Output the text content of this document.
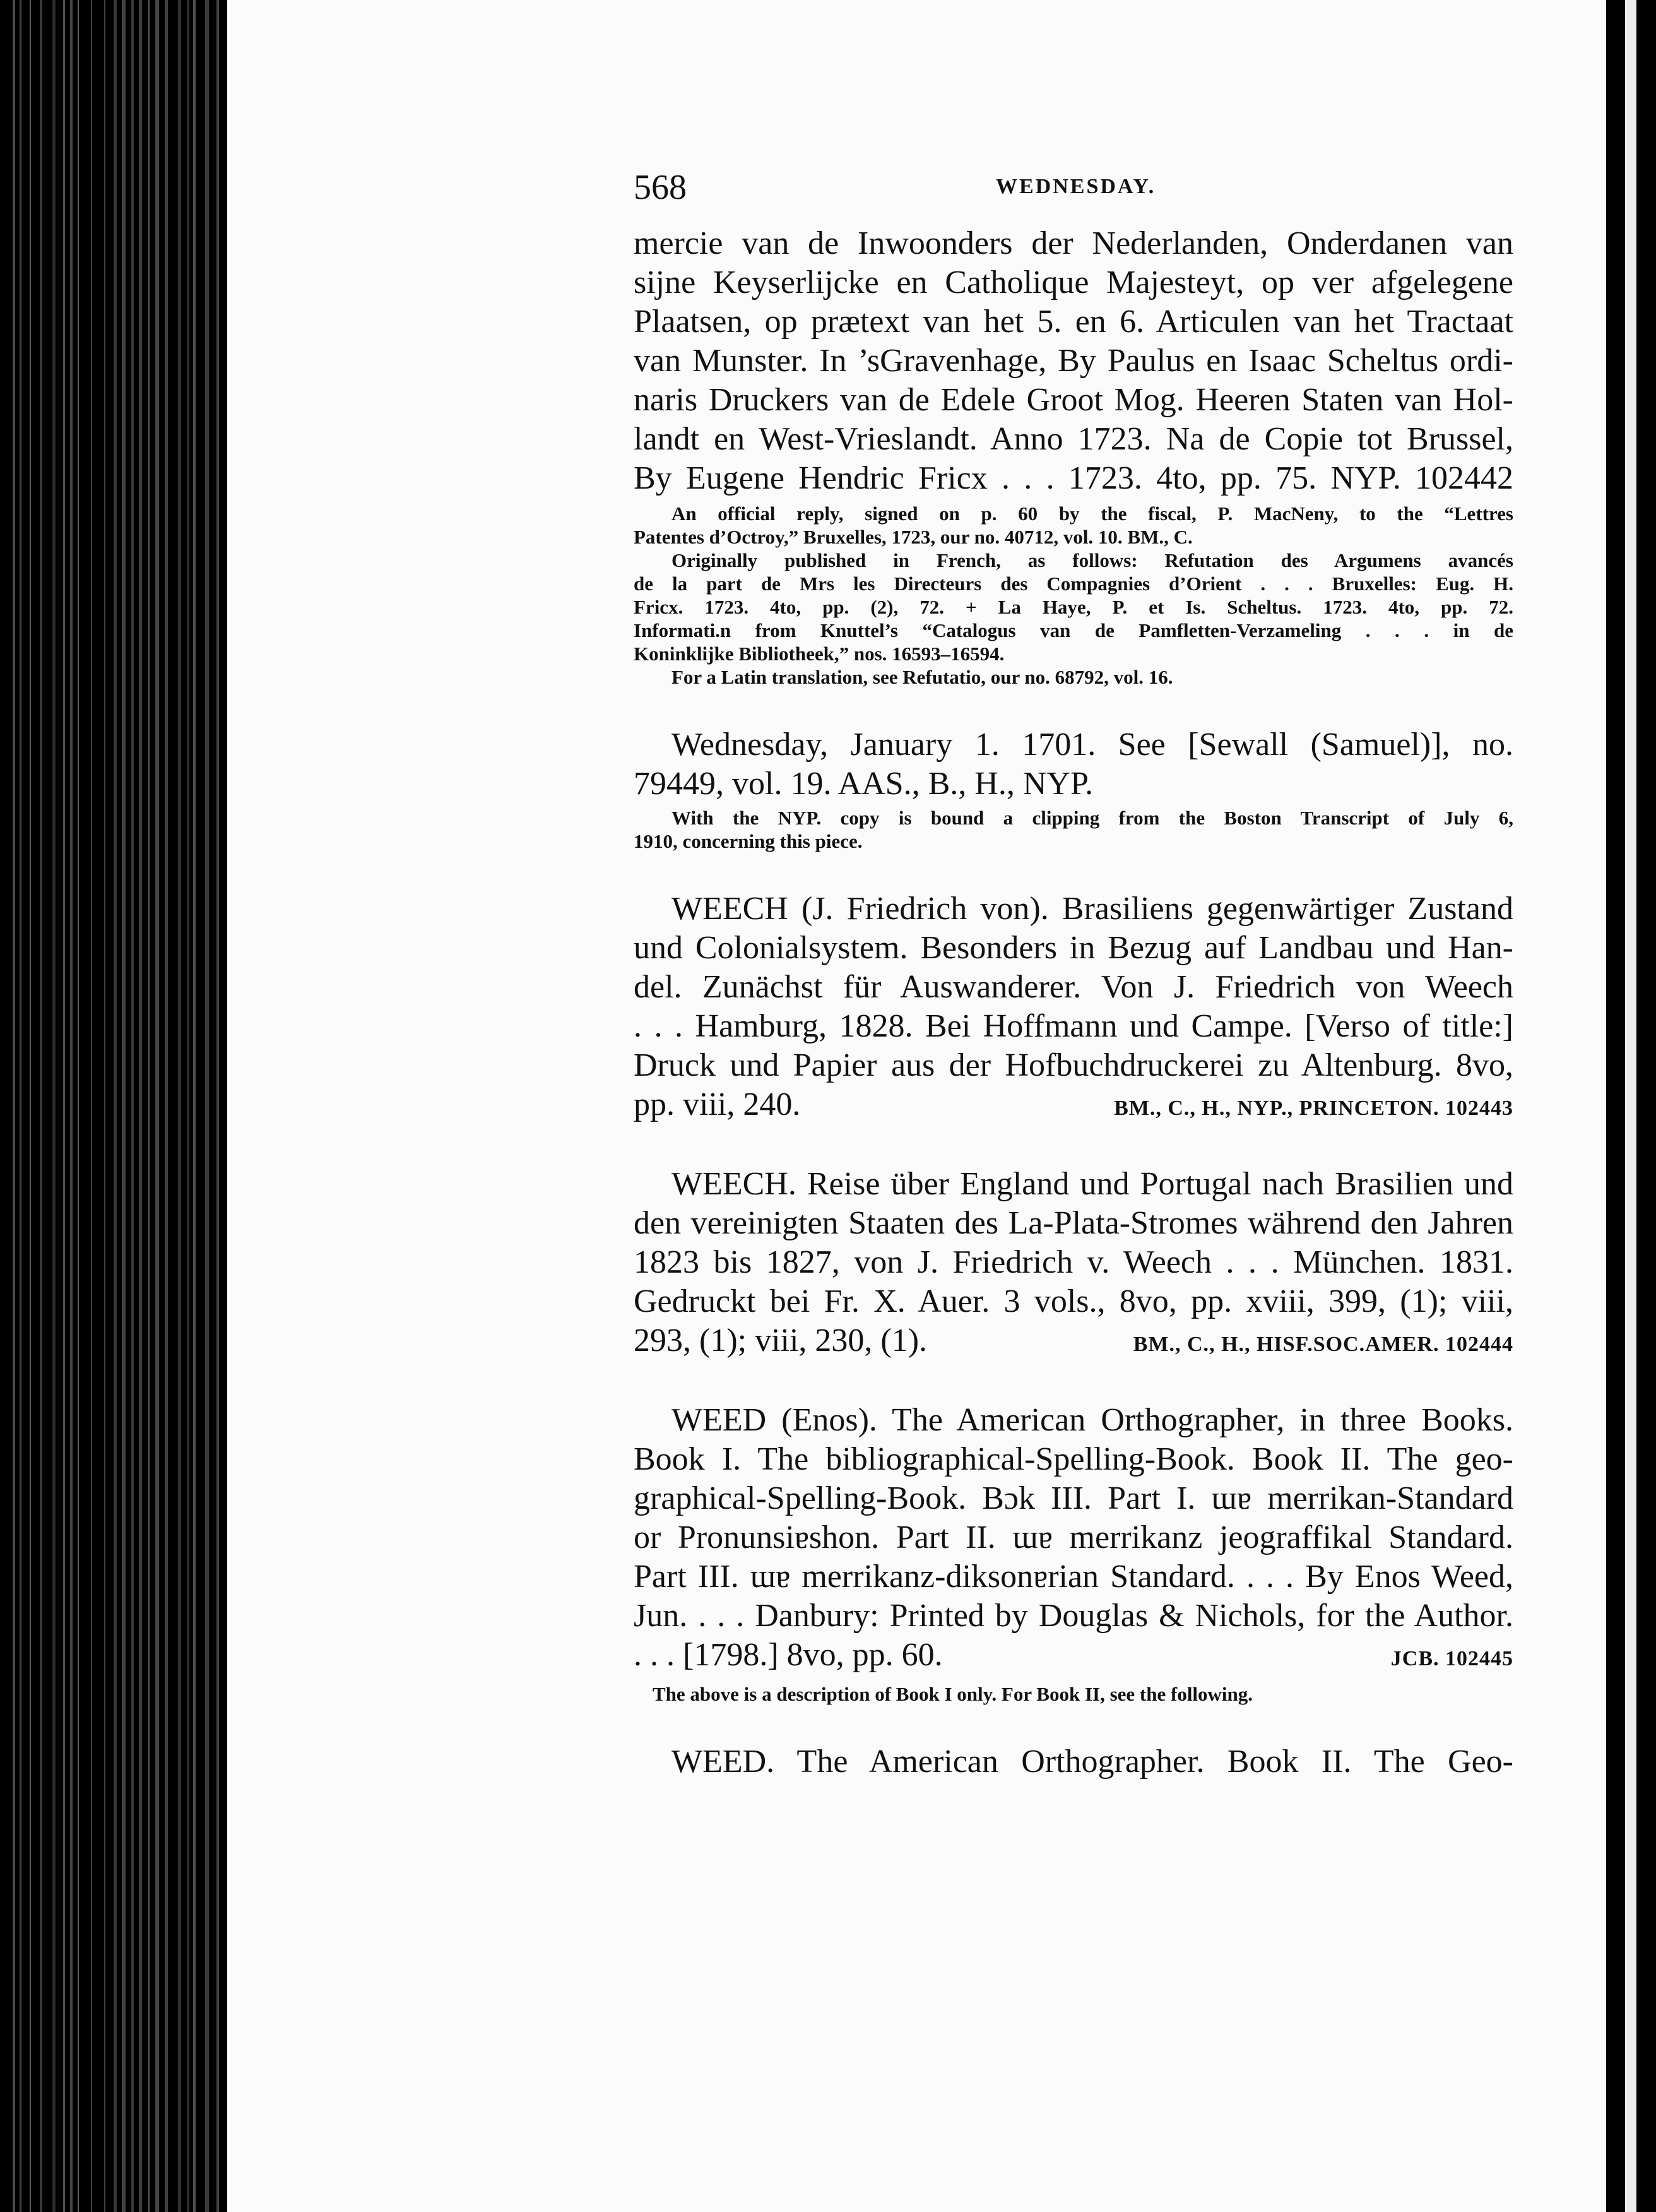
568	WEDNESDAY.
mercie van de Inwoonders der Nederlanden, Onderdanen van
sijne Keyserlijcke en Catholique Majesteyt, op ver afgelegene
Plaatsen, op prætext van het 5. en 6. Articulen van het Tractaat
van Munster. In ’sGravenhage, By Paulus en Isaac Scheltus ordi-
naris Druckers van de Edele Groot Mog. Heeren Staten van Hol-
landt en West-Vrieslandt. Anno 1723. Na de Copie tot Brussel,
By Eugene Hendric Fricx . . . 1723. 4to, pp. 75. NYP. 102442
An official reply, signed on p. 60 by the fiscal, P. MacNeny, to the “Lettres
Patentes d’Octroy,” Bruxelles, 1723, our no. 40712, vol. 10. BM., C.
Originally published in French, as follows: Refutation des Argumens avancés
de la part de Mrs les Directeurs des Compagnies d’Orient . . . Bruxelles: Eug. H.
Fricx. 1723. 4to, pp. (2), 72. + La Haye, P. et Is. Scheltus. 1723. 4to, pp. 72.
Informati.n from Knuttel’s “Catalogus van de Pamfletten-Verzameling . . . in de
Koninklijke Bibliotheek,” nos. 16593–16594.
For a Latin translation, see Refutatio, our no. 68792, vol. 16.
Wednesday, January 1. 1701. See [Sewall (Samuel)], no.
79449, vol. 19. AAS., B., H., NYP.
With the NYP. copy is bound a clipping from the Boston Transcript of July 6,
1910, concerning this piece.
WEECH (J. Friedrich von). Brasiliens gegenwärtiger Zustand
und Colonialsystem. Besonders in Bezug auf Landbau und Han-
del. Zunächst für Auswanderer. Von J. Friedrich von Weech
. . . Hamburg, 1828. Bei Hoffmann und Campe. [Verso of title:]
Druck und Papier aus der Hofbuchdruckerei zu Altenburg. 8vo,
pp. viii, 240.	BM., C., H., NYP., PRINCETON. 102443
WEECH. Reise über England und Portugal nach Brasilien und
den vereinigten Staaten des La-Plata-Stromes während den Jahren
1823 bis 1827, von J. Friedrich v. Weech . . . München. 1831.
Gedruckt bei Fr. X. Auer. 3 vols., 8vo, pp. xviii, 399, (1); viii,
293, (1); viii, 230, (1).	BM., C., H., HISF.SOC.AMER. 102444
WEED (Enos). The American Orthographer, in three Books.
Book I. The bibliographical-Spelling-Book. Book II. The geo-
graphical-Spelling-Book. Bɔk III. Part I. ɯɐ merrikan-Standard
or Pronunsiɐshon. Part II. ɯɐ merrikanz jeograffikal Standard.
Part III. ɯɐ merrikanz-diksonɐrian Standard. . . . By Enos Weed,
Jun. . . . Danbury: Printed by Douglas & Nichols, for the Author.
. . . [1798.] 8vo, pp. 60.	JCB. 102445
The above is a description of Book I only. For Book II, see the following.
WEED. The American Orthographer. Book II. The Geo-
